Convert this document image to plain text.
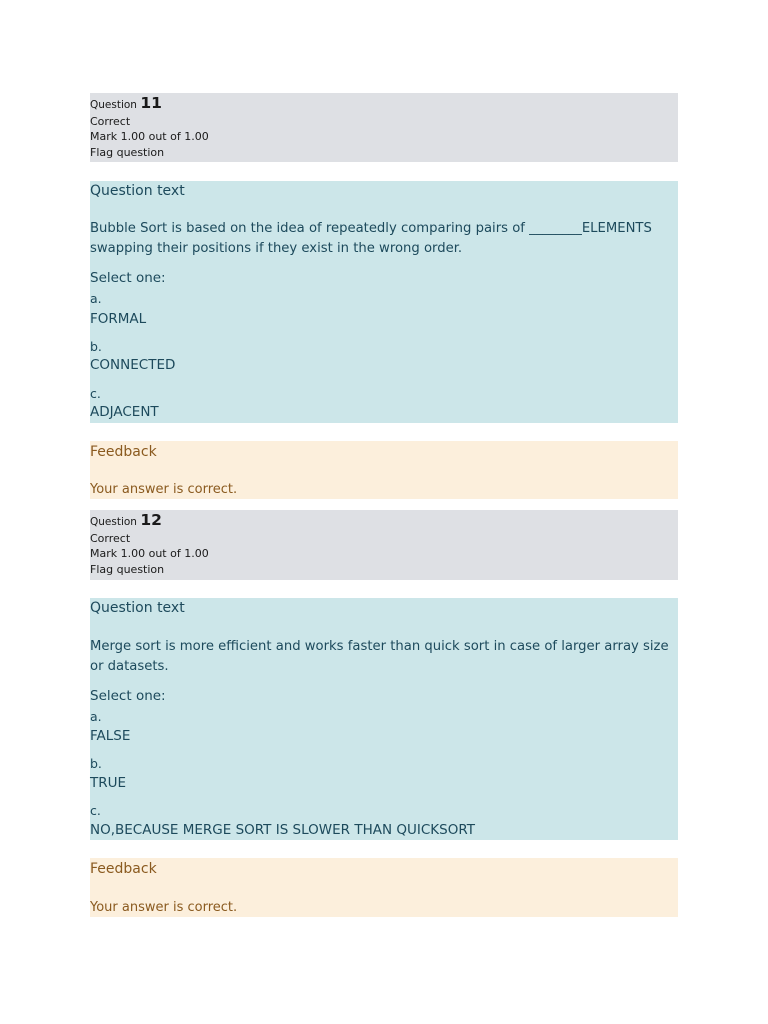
Question 11
Correct
Mark 1.00 out of 1.00
Flag question
Question text
Bubble Sort is based on the idea of repeatedly comparing pairs of ________ELEMENTS swapping their positions if they exist in the wrong order.
Select one:
a.
FORMAL
b.
CONNECTED
c.
ADJACENT
Feedback
Your answer is correct.
Question 12
Correct
Mark 1.00 out of 1.00
Flag question
Question text
Merge sort is more efficient and works faster than quick sort in case of larger array size or datasets.
Select one:
a.
FALSE
b.
TRUE
c.
NO,BECAUSE MERGE SORT IS SLOWER THAN QUICKSORT
Feedback
Your answer is correct.
